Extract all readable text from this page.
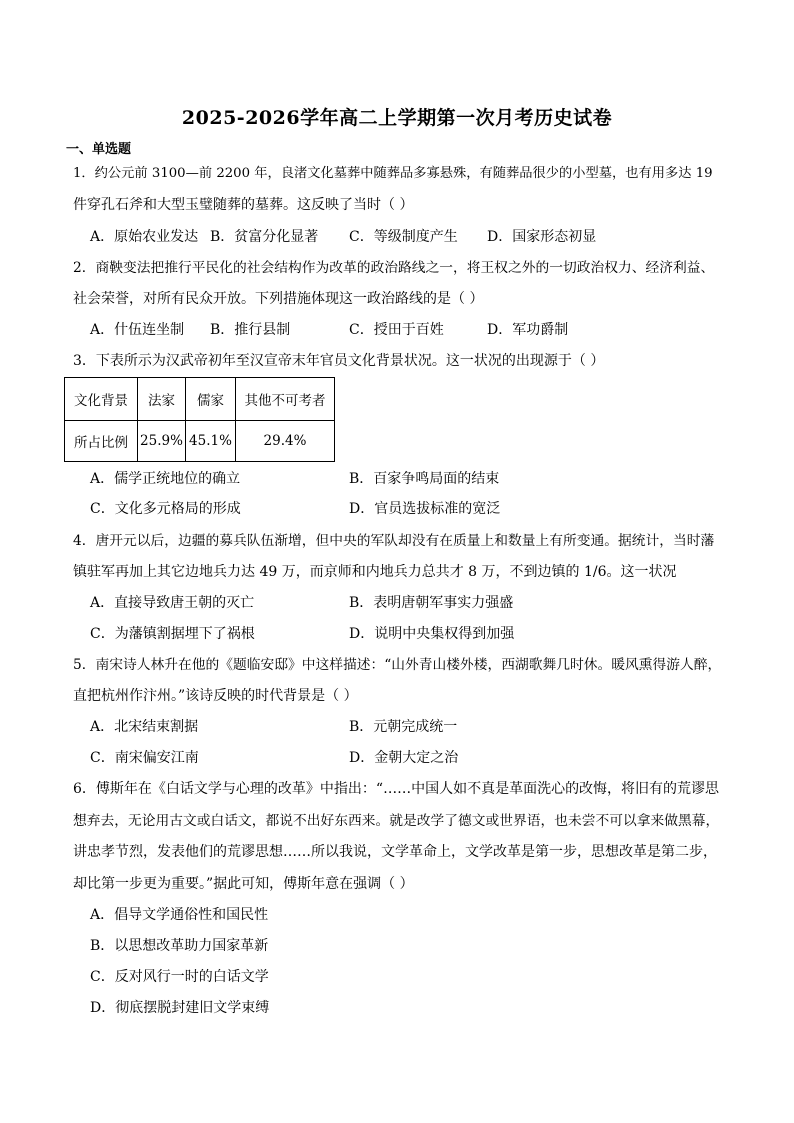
2025-2026学年高二上学期第一次月考历史试卷
一、单选题
1．约公元前 3100—前 2200 年，良渚文化墓葬中随葬品多寡悬殊，有随葬品很少的小型墓，也有用多达 19
件穿孔石斧和大型玉璧随葬的墓葬。这反映了当时（ ）
A．原始农业发达 B．贫富分化显著 C．等级制度产生 D．国家形态初显
2．商鞅变法把推行平民化的社会结构作为改革的政治路线之一，将王权之外的一切政治权力、经济利益、
社会荣誉，对所有民众开放。下列措施体现这一政治路线的是（ ）
A．什伍连坐制 B．推行县制	C．授田于百姓	D．军功爵制
3．下表所示为汉武帝初年至汉宣帝末年官员文化背景状况。这一状况的出现源于（ ）
文化背景	法家	儒家	其他不可考者
所占比例	25.9%	45.1%	29.4%
A．儒学正统地位的确立	B．百家争鸣局面的结束
C．文化多元格局的形成	D．官员选拔标准的宽泛
4．唐开元以后，边疆的募兵队伍渐增，但中央的军队却没有在质量上和数量上有所变通。据统计，当时藩
镇驻军再加上其它边地兵力达 49 万，而京师和内地兵力总共才 8 万，不到边镇的 1/6。这一状况
A．直接导致唐王朝的灭亡	B．表明唐朝军事实力强盛
C．为藩镇割据埋下了祸根	D．说明中央集权得到加强
5．南宋诗人林升在他的《题临安邸》中这样描述：“山外青山楼外楼，西湖歌舞几时休。暖风熏得游人醉，
直把杭州作汴州。”该诗反映的时代背景是（ ）
A．北宋结束割据	B．元朝完成统一
C．南宋偏安江南	D．金朝大定之治
6．傅斯年在《白话文学与心理的改革》中指出：“……中国人如不真是革面洗心的改悔，将旧有的荒谬思
想弃去，无论用古文或白话文，都说不出好东西来。就是改学了德文或世界语，也未尝不可以拿来做黑幕，
讲忠孝节烈，发表他们的荒谬思想……所以我说，文学革命上，文学改革是第一步，思想改革是第二步，
却比第一步更为重要。”据此可知，傅斯年意在强调（ ）
A．倡导文学通俗性和国民性
B．以思想改革助力国家革新
C．反对风行一时的白话文学
D．彻底摆脱封建旧文学束缚
